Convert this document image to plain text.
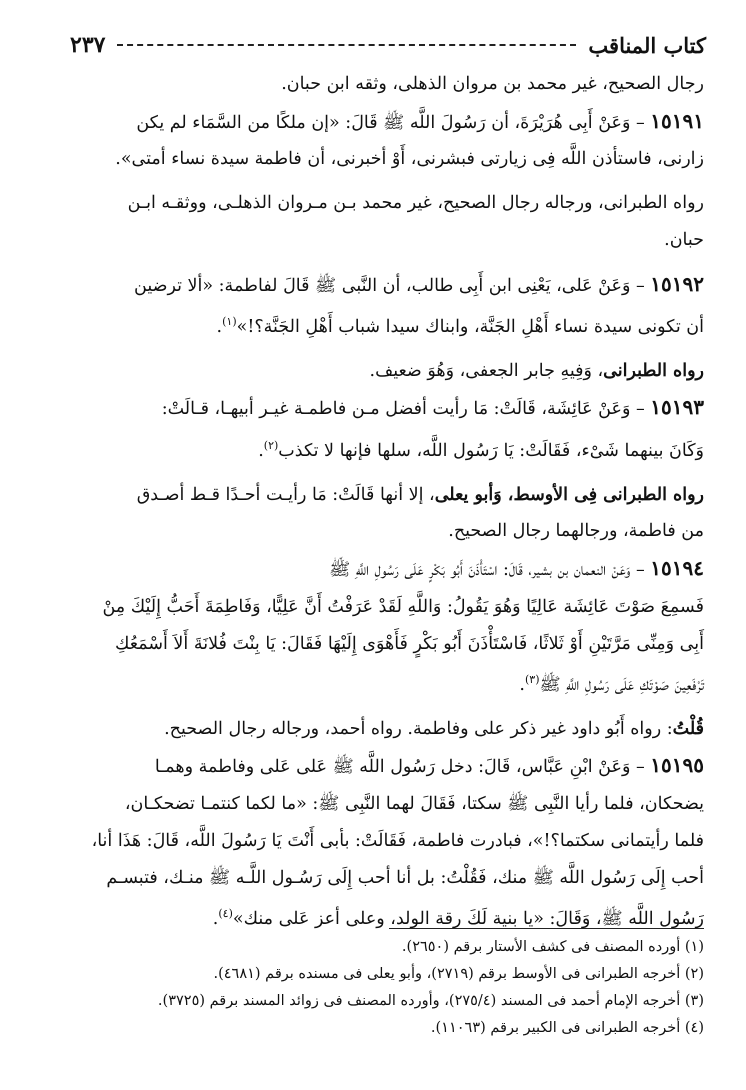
كتاب المناقب
٢٣٧

رجال الصحيح، غير محمد بن مروان الذهلى، وثقه ابن حبان.

١٥١٩١ – وَعَنْ أَبِى هُرَيْرَةَ، أن رَسُولَ اللَّه ﷺ قَالَ: «إن ملكًا من السَّمَاء لم يكن

زارنى، فاستأذن اللَّه فِى زيارتى فبشرنى، أَوْ أخبرنى، أن فاطمة سيدة نساء أمتى».

رواه الطبرانى، ورجاله رجال الصحيح، غير محمد بـن مـروان الذهلـى، ووثقـه ابـن

حبان.

١٥١٩٢ – وَعَنْ عَلى، يَعْنِى ابن أَبِى طالب، أن النَّبى ﷺ قَالَ لفاطمة: «ألا ترضين

أن تكونى سيدة نساء أَهْلِ الجَنَّة، وابناك سيدا شباب أَهْلِ الجَنَّة؟!»$^{(١)}$.

رواه الطبرانى، وَفِيهِ جابر الجعفى، وَهُوَ ضعيف.

١٥١٩٣ – وَعَنْ عَائِشَة، قَالَتْ: مَا رأيت أفضل مـن فاطمـة غيـر أبيهـا، قـالَتْ:

وَكَانَ بينهما شَىْء، فَقَالَتْ: يَا رَسُول اللَّه، سلها فإنها لا تكذب$^{(٢)}$.

رواه الطبرانى فِى الأوسط، وَأبو يعلى، إلا أنها قَالَتْ: مَا رأيـت أحـدًا قـط أصـدق

من فاطمة، ورجالهما رجال الصحيح.

١٥١٩٤ – وَعَنْ النعمان بن بشير، قَالَ: اسْتَأْذَنَ أَبُو بَكْرٍ عَلَى رَسُولِ اللَّهِ ﷺ

فَسمِعَ صَوْتَ عَائِشَة عَالِيًا وَهُوَ يَقُولُ: وَاللَّهِ لَقَدْ عَرَفْتُ أَنَّ عَلِيًّا، وَفَاطِمَةَ أَحَبُّ إِلَيْكَ مِنْ

أَبِى وَمِنِّى مَرَّتَيْنِ أَوْ ثَلاثًا، فَاسْتَأْذَنَ أَبُو بَكْرٍ فَأَهْوَى إِلَيْهَا فَقَالَ: يَا بِنْتَ فُلانَةَ أَلاَ أَسْمَعُكِ

تَرْفَعِينَ صَوْتَكِ عَلَى رَسُولِ اللَّهِ ﷺ$^{(٣)}$.

قُلْتُ: رواه أَبُو داود غير ذكر على وفاطمة. رواه أحمد، ورجاله رجال الصحيح.

١٥١٩٥ – وَعَنْ ابْنِ عَبَّاس، قَالَ: دخل رَسُول اللَّه ﷺ عَلى عَلى وفاطمة وهمـا

يضحكان، فلما رأيا النَّبِى ﷺ سكتا، فَقَالَ لهما النَّبِى ﷺ: «ما لكما كنتمـا تضحكـان،

فلما رأيتمانى سكتما؟!»، فبادرت فاطمة، فَقَالَتْ: بأبى أَنْتَ يَا رَسُولَ اللَّه، قَالَ: هَذَا أنا،

أحب إِلَى رَسُول اللَّه ﷺ منك، فَقُلْتُ: بل أنا أحب إِلَى رَسُـول اللَّـه ﷺ منـك، فتبسـم

رَسُول اللَّه ﷺ، وَقَالَ: «يا بنية لَكَ رقة الولد، وعلى أعز عَلى منك»$^{(٤)}$.

(١) أورده المصنف فى كشف الأستار برقم (٢٦٥٠).
(٢) أخرجه الطبرانى فى الأوسط برقم (٢٧١٩)، وأبو يعلى فى مسنده برقم (٤٦٨١).
(٣) أخرجه الإمام أحمد فى المسند (٢٧٥/٤)، وأورده المصنف فى زوائد المسند برقم (٣٧٢٥).
(٤) أخرجه الطبرانى فى الكبير برقم (١١٠٦٣).
